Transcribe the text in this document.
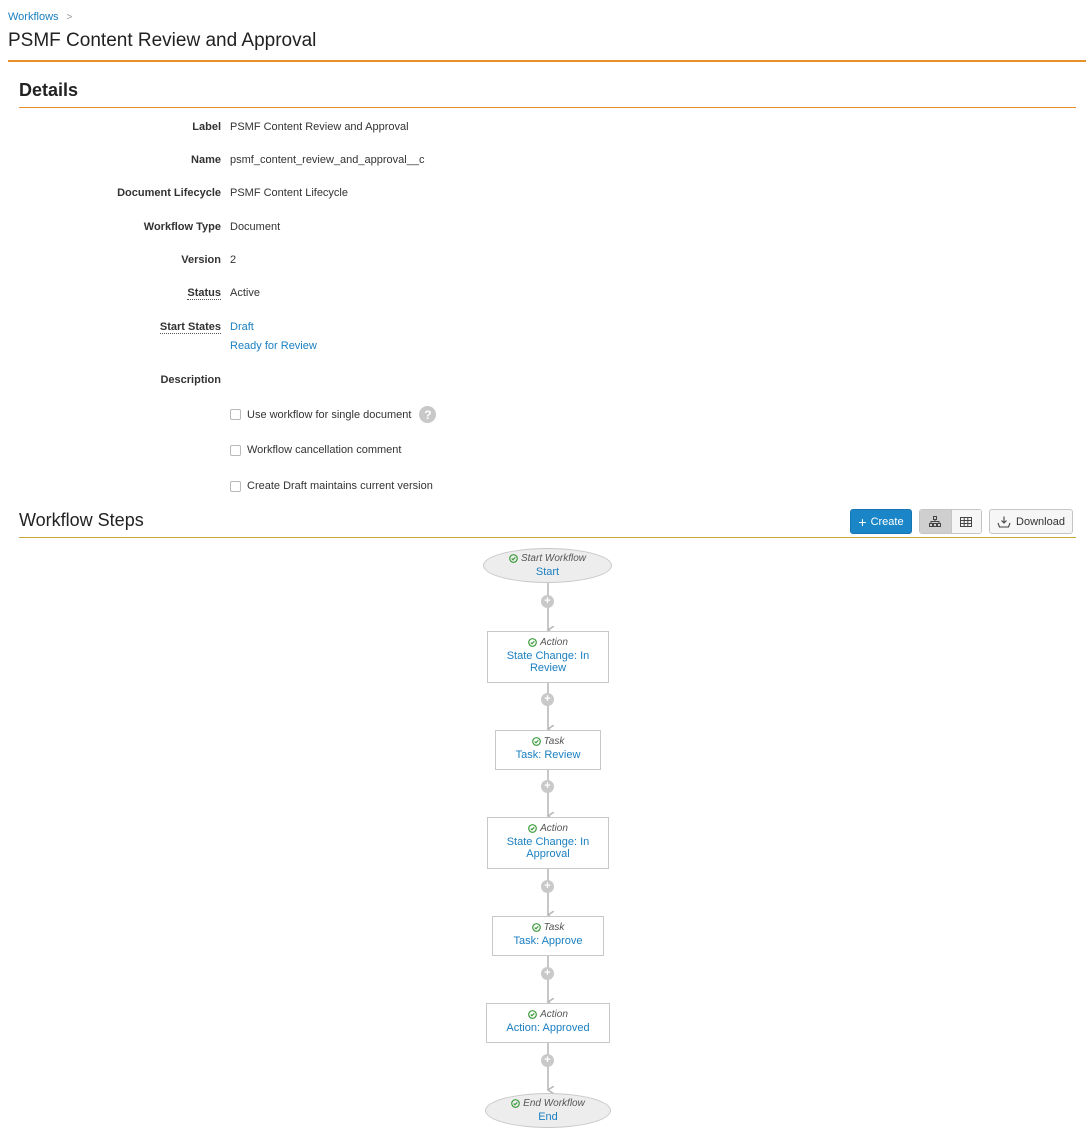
Workflows >
PSMF Content Review and Approval
Details
Label PSMF Content Review and Approval
Name psmf_content_review_and_approval__c
Document Lifecycle PSMF Content Lifecycle
Workflow Type Document
Version 2
Status Active
Start States Draft
Ready for Review
Description
Use workflow for single document	?
Workflow cancellation comment
Create Draft maintains current version
Workflow Steps	+ Create	Download
Start Workflow
Start
+
Action
State Change: In Review
+
Task
Task: Review
+
Action
State Change: In Approval
+
Task
Task: Approve
+
Action
Action: Approved
+
End Workflow
End
